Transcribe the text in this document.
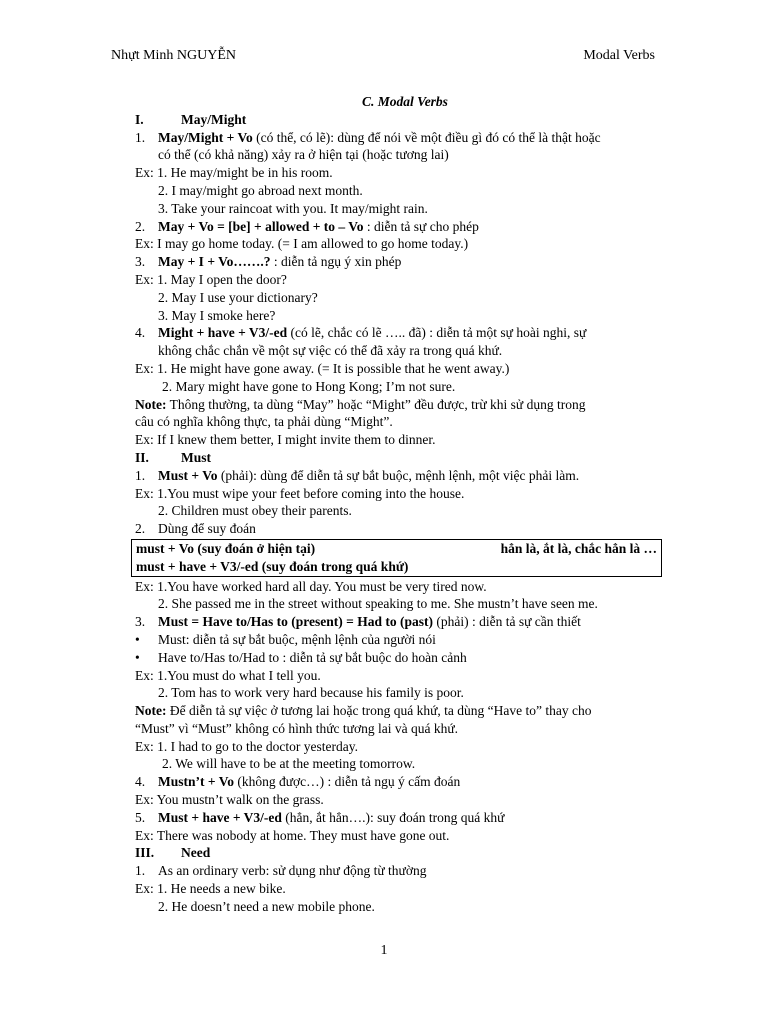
Nhựt Minh NGUYỄN	Modal Verbs
C. Modal Verbs
I.	May/Might
1. May/Might + Vo (có thể, có lẽ): dùng để nói về một điều gì đó có thể là thật hoặc
có thể (có khả năng) xảy ra ở hiện tại (hoặc tương lai)
Ex: 1. He may/might be in his room.
2. I may/might go abroad next month.
3. Take your raincoat with you. It may/might rain.
2. May + Vo = [be] + allowed + to – Vo : diễn tả sự cho phép
Ex: I may go home today. (= I am allowed to go home today.)
3. May + I + Vo…….? : diễn tả ngụ ý xin phép
Ex: 1. May I open the door?
2. May I use your dictionary?
3. May I smoke here?
4. Might + have + V3/-ed (có lẽ, chắc có lẽ ….. đã) : diễn tả một sự hoài nghi, sự
không chắc chắn về một sự việc có thể đã xảy ra trong quá khứ.
Ex: 1. He might have gone away. (= It is possible that he went away.)
2. Mary might have gone to Hong Kong; I’m not sure.
Note: Thông thường, ta dùng “May” hoặc “Might” đều được, trừ khi sử dụng trong
câu có nghĩa không thực, ta phải dùng “Might”.
Ex: If I knew them better, I might invite them to dinner.
II. Must
1. Must + Vo (phải): dùng để diễn tả sự bắt buộc, mệnh lệnh, một việc phải làm.
Ex: 1.You must wipe your feet before coming into the house.
2. Children must obey their parents.
2. Dùng để suy đoán
must + Vo (suy đoán ở hiện tại)	hẳn là, ắt là, chắc hẳn là …
must + have + V3/-ed (suy đoán trong quá khứ)
Ex: 1.You have worked hard all day. You must be very tired now.
2. She passed me in the street without speaking to me. She mustn’t have seen me.
3. Must = Have to/Has to (present) = Had to (past) (phải) : diễn tả sự cần thiết
• Must: diễn tả sự bắt buộc, mệnh lệnh của người nói
• Have to/Has to/Had to : diễn tả sự bắt buộc do hoàn cảnh
Ex: 1.You must do what I tell you.
2. Tom has to work very hard because his family is poor.
Note: Để diễn tả sự việc ở tương lai hoặc trong quá khứ, ta dùng “Have to” thay cho
“Must” vì “Must” không có hình thức tương lai và quá khứ.
Ex: 1. I had to go to the doctor yesterday.
2. We will have to be at the meeting tomorrow.
4. Mustn’t + Vo (không được…) : diễn tả ngụ ý cấm đoán
Ex: You mustn’t walk on the grass.
5. Must + have + V3/-ed (hẳn, ắt hẳn….): suy đoán trong quá khứ
Ex: There was nobody at home. They must have gone out.
III. Need
1. As an ordinary verb: sử dụng như động từ thường
Ex: 1. He needs a new bike.
2. He doesn’t need a new mobile phone.
1
